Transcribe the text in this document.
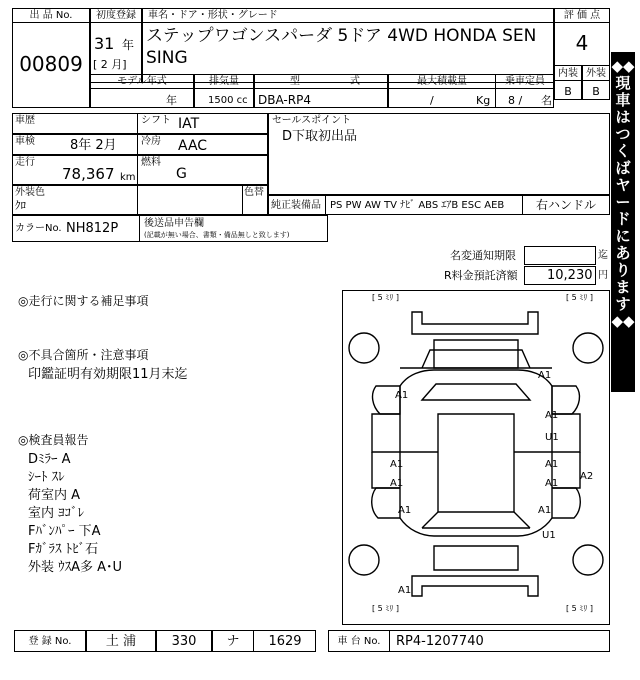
出 品 No.
00809
初度登録
31 年
[ 2 月]
車名・ドア・形状・グレード
ステップワゴンスパーダ 5ドア 4WD HONDA SEN
SING
評 価 点
4
内装 外装
B	B
モデル年式
年
排気量
1500 cc
型	式
DBA-RP4
最大積載量
/	Kg
乗車定員
8 / 名
◆◆現車はつくばヤードにあります◆◆
車歴	シフト IAT
車検	8年 2月 冷房 AAC
走行
78,367 km
燃料
G
外装色
ｸﾛ
色替
カラーNo. NH812P	後送品申告欄
(記載が無い場合、書類・備品無しと致します)
セールスポイント
D下取初出品
純正装備品 PS PW AW TV ﾅﾋﾞ ABS ｴｱB ESC AEB	右ハンドル
名変通知期限	迄
R料金預託済額 10,230 円
◎走行に関する補足事項
◎不具合箇所・注意事項
印鑑証明有効期限11月末迄
◎検査員報告
Dﾐﾗｰ A
ｼｰﾄ ｽﾚ
荷室内 A
室内 ﾖｺﾞﾚ
Fﾊﾞﾝﾊﾟｰ 下A
Fｶﾞﾗｽ ﾄﾋﾞ石
外装 ｳｽA多 A･U
[ 5 ﾐﾘ ]	[ 5 ﾐﾘ ]
[ 5 ﾐﾘ ]	[ 5 ﾐﾘ ]
A1
A1
A1
U1
A1
A1
A1
A1
A2
A1	A1
U1
A1
登 録 No.	土 浦	330	ナ	1629	車 台 No.	RP4-1207740
